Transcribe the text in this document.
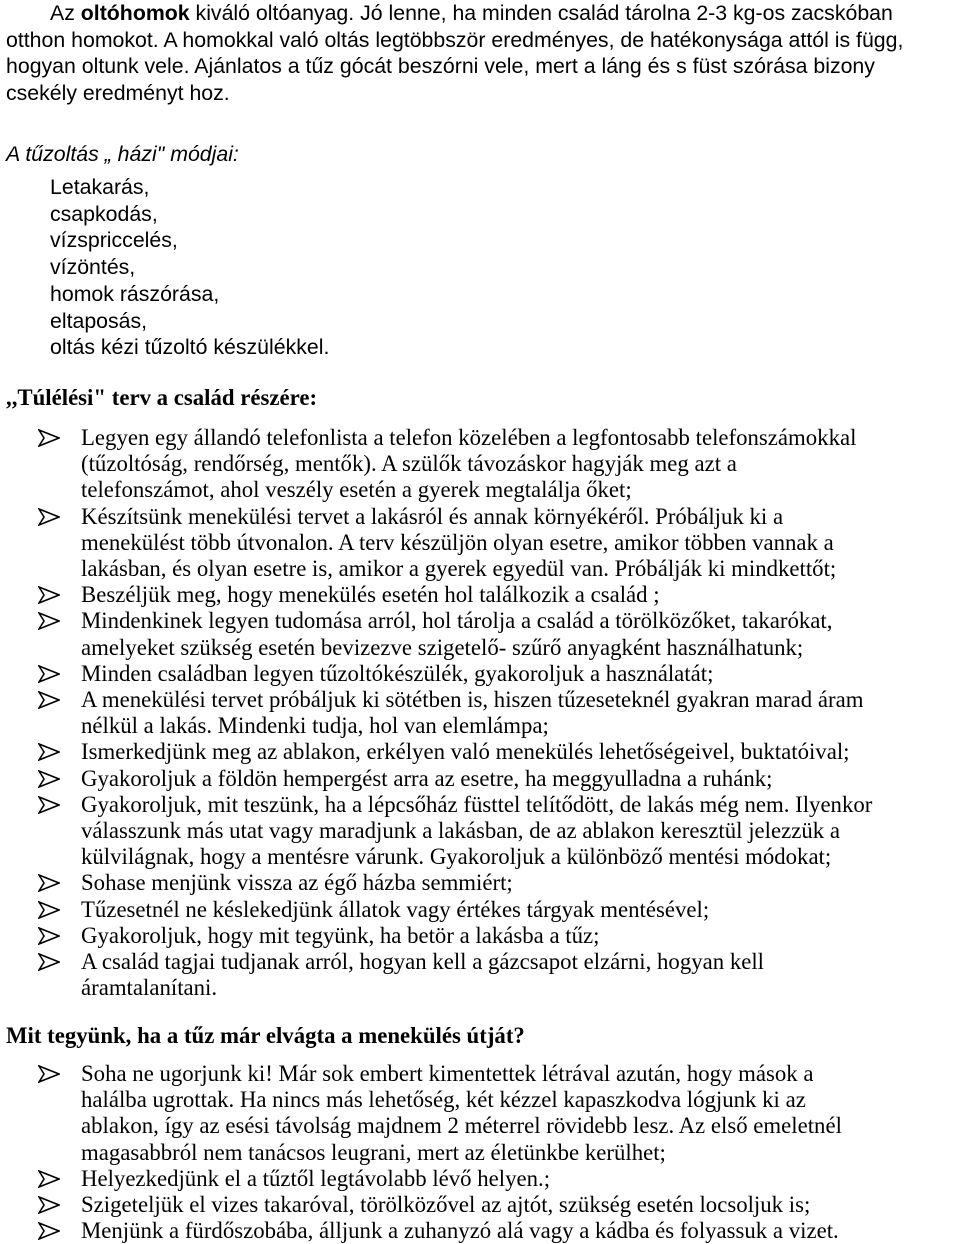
Az oltóhomok kiváló oltóanyag. Jó lenne, ha minden család tárolna 2-3 kg-os zacskóban
otthon homokot. A homokkal való oltás legtöbbször eredményes, de hatékonysága attól is függ,
hogyan oltunk vele. Ajánlatos a tűz gócát beszórni vele, mert a láng és s füst szórása bizony
csekély eredményt hoz.
A tűzoltás „ házi" módjai:
Letakarás,
csapkodás,
vízspriccelés,
vízöntés,
homok rászórása,
eltaposás,
oltás kézi tűzoltó készülékkel.
,,Túlélési" terv a család részére:
Legyen egy állandó telefonlista a telefon közelében a legfontosabb telefonszámokkal
(tűzoltóság, rendőrség, mentők). A szülők távozáskor hagyják meg azt a
telefonszámot, ahol veszély esetén a gyerek megtalálja őket;
Készítsünk menekülési tervet a lakásról és annak környékéről. Próbáljuk ki a
menekülést több útvonalon. A terv készüljön olyan esetre, amikor többen vannak a
lakásban, és olyan esetre is, amikor a gyerek egyedül van. Próbálják ki mindkettőt;
Beszéljük meg, hogy menekülés esetén hol találkozik a család ;
Mindenkinek legyen tudomása arról, hol tárolja a család a törölközőket, takarókat,
amelyeket szükség esetén bevizezve szigetelő- szűrő anyagként használhatunk;
Minden családban legyen tűzoltókészülék, gyakoroljuk a használatát;
A menekülési tervet próbáljuk ki sötétben is, hiszen tűzeseteknél gyakran marad áram
nélkül a lakás. Mindenki tudja, hol van elemlámpa;
Ismerkedjünk meg az ablakon, erkélyen való menekülés lehetőségeivel, buktatóival;
Gyakoroljuk a földön hempergést arra az esetre, ha meggyulladna a ruhánk;
Gyakoroljuk, mit teszünk, ha a lépcsőház füsttel telítődött, de lakás még nem. Ilyenkor
válasszunk más utat vagy maradjunk a lakásban, de az ablakon keresztül jelezzük a
külvilágnak, hogy a mentésre várunk. Gyakoroljuk a különböző mentési módokat;
Sohase menjünk vissza az égő házba semmiért;
Tűzesetnél ne késlekedjünk állatok vagy értékes tárgyak mentésével;
Gyakoroljuk, hogy mit tegyünk, ha betör a lakásba a tűz;
A család tagjai tudjanak arról, hogyan kell a gázcsapot elzárni, hogyan kell
áramtalanítani.
Mit tegyünk, ha a tűz már elvágta a menekülés útját?
Soha ne ugorjunk ki! Már sok embert kimentettek létrával azután, hogy mások a
halálba ugrottak. Ha nincs más lehetőség, két kézzel kapaszkodva lógjunk ki az
ablakon, így az esési távolság majdnem 2 méterrel rövidebb lesz. Az első emeletnél
magasabbról nem tanácsos leugrani, mert az életünkbe kerülhet;
Helyezkedjünk el a tűztől legtávolabb lévő helyen.;
Szigeteljük el vizes takaróval, törölközővel az ajtót, szükség esetén locsoljuk is;
Menjünk a fürdőszobába, álljunk a zuhanyzó alá vagy a kádba és folyassuk a vizet.
